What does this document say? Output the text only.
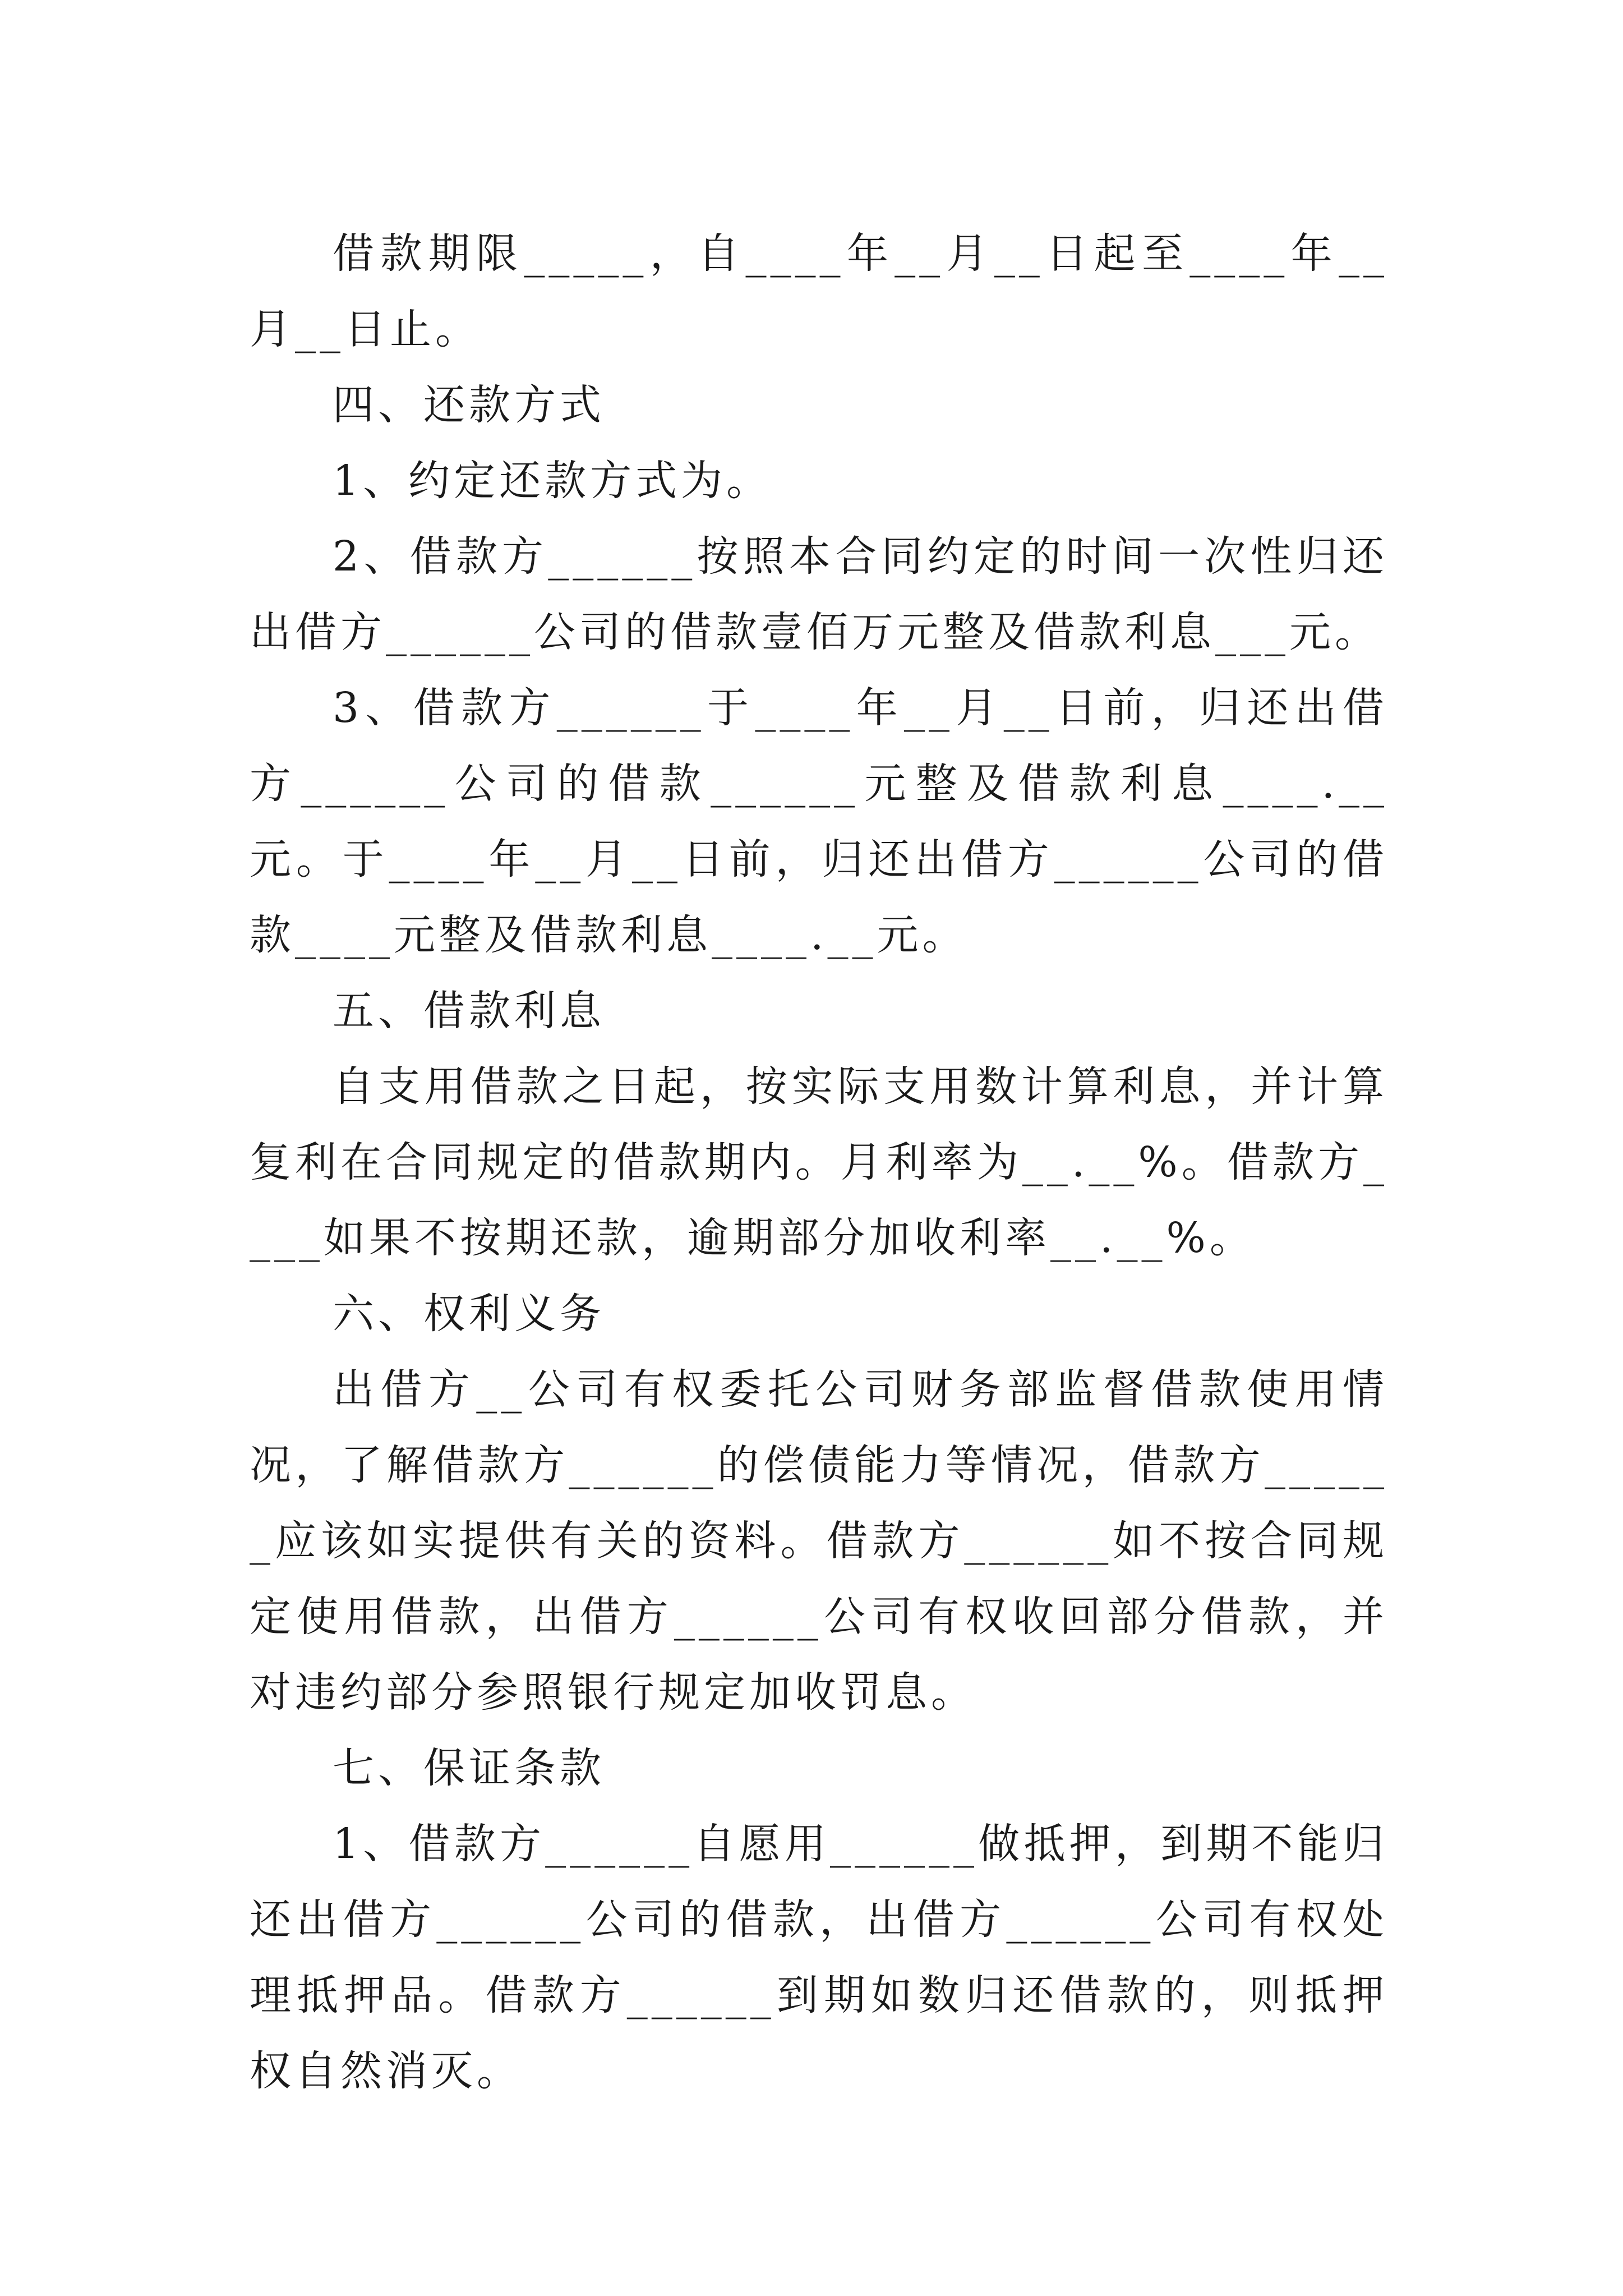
借款期限_____，自____年__月__日起至____年__月__日止。

四、还款方式

1、约定还款方式为。

2、借款方______按照本合同约定的时间一次性归还出借方______公司的借款壹佰万元整及借款利息___元。

3、借款方______于____年__月__日前，归还出借方______公司的借款______元整及借款利息____.__元。于____年__月__日前，归还出借方______公司的借款____元整及借款利息____.__元。

五、借款利息

自支用借款之日起，按实际支用数计算利息，并计算复利在合同规定的借款期内。月利率为__.__%。借款方____如果不按期还款，逾期部分加收利率__.__%。

六、权利义务

出借方__公司有权委托公司财务部监督借款使用情况，了解借款方______的偿债能力等情况，借款方______应该如实提供有关的资料。借款方______如不按合同规定使用借款，出借方______公司有权收回部分借款，并对违约部分参照银行规定加收罚息。

七、保证条款

1、借款方______自愿用______做抵押，到期不能归还出借方______公司的借款，出借方______公司有权处理抵押品。借款方______到期如数归还借款的，则抵押权自然消灭。
